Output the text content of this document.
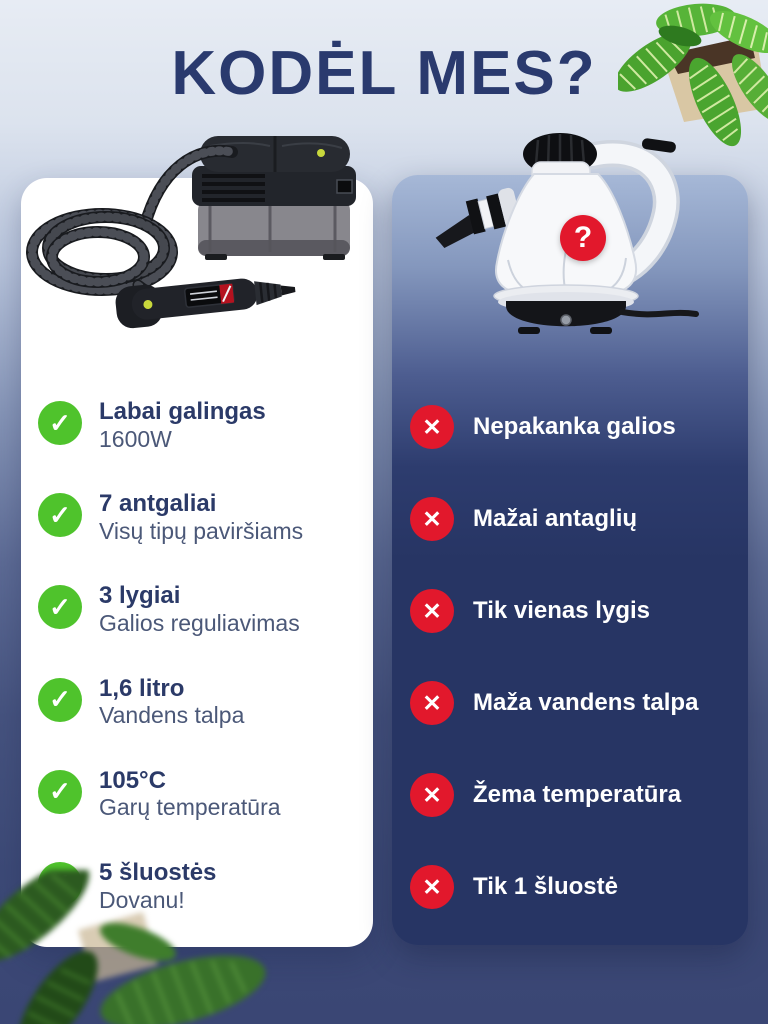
KODĖL MES?
?
✓	Labai galingas
1600W
✓	7 antgaliai
Visų tipų paviršiams
✓	3 lygiai
Galios reguliavimas
✓	1,6 litro
Vandens talpa
✓	105°C
Garų temperatūra
5 šluostės
Dovanu!
✕	Nepakanka galios
✕	Mažai antaglių
✕	Tik vienas lygis
✕	Maža vandens talpa
✕	Žema temperatūra
✕	Tik 1 šluostė
